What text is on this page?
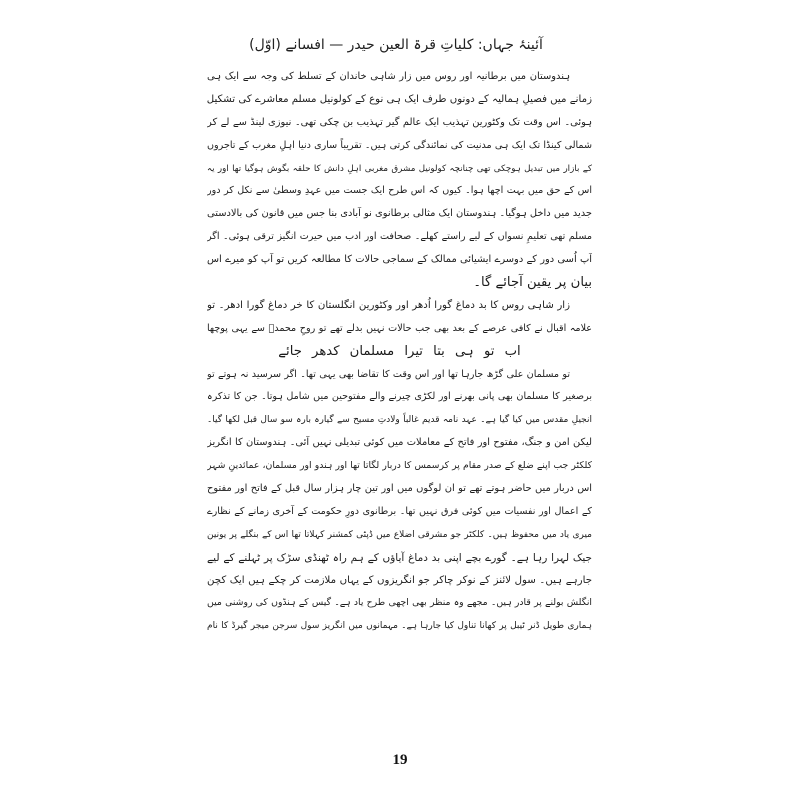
آئینۂ جہاں: کلیاتِ قرۃ العین حیدر — افسانے (اوّل)
ہندوستان میں برطانیہ اور روس میں زار شاہی خاندان کے تسلط کی وجہ سے ایک ہی
زمانے میں فصیلِ ہمالیہ کے دونوں طرف ایک ہی نوع کے کولونیل مسلم معاشرے کی تشکیل
ہوئی۔ اس وقت تک وکٹورین تہذیب ایک عالم گیر تہذیب بن چکی تھی۔ نیوزی لینڈ سے لے کر
شمالی کینڈا تک ایک ہی مدنیت کی نمائندگی کرتی ہیں۔ تقریباً ساری دنیا اہلِ مغرب کے تاجروں
کے بازار میں تبدیل ہوچکی تھی چنانچہ کولونیل مشرق مغربی اہلِ دانش کا حلقہ بگوش ہوگیا تھا اور یہ
اس کے حق میں بہت اچھا ہوا۔ کیوں کہ اس طرح ایک جست میں عہدِ وسطیٰ سے نکل کر دور
جدید میں داخل ہوگیا۔ ہندوستان ایک مثالی برطانوی نو آبادی بنا جس میں قانون کی بالادستی
مسلم تھی تعلیمِ نسواں کے لیے راستے کھلے۔ صحافت اور ادب میں حیرت انگیز ترقی ہوئی۔ اگر
آپ اُسی دور کے دوسرے ایشیائی ممالک کے سماجی حالات کا مطالعہ کریں تو آپ کو میرے اس
بیان پر یقین آجائے گا۔
زار شاہی روس کا بد دماغ گورا اُدھر اور وکٹورین انگلستان کا خر دماغ گورا ادھر۔ تو
علامہ اقبال نے کافی عرصے کے بعد بھی جب حالات نہیں بدلے تھے تو روحِ محمدؐ سے یہی پوچھا
اب تو ہی بتا تیرا مسلمان کدھر جائے
تو مسلمان علی گڑھ جارہا تھا اور اس وقت کا تقاضا بھی یہی تھا۔ اگر سرسید نہ ہوتے تو
برصغیر کا مسلمان بھی پانی بھرنے اور لکڑی چیرنے والے مفتوحین میں شامل ہوتا۔ جن کا تذکرہ
انجیلِ مقدس میں کیا گیا ہے۔ عہد نامہ قدیم غالباً ولادتِ مسیح سے گیارہ بارہ سو سال قبل لکھا گیا۔
لیکن امن و جنگ، مفتوح اور فاتح کے معاملات میں کوئی تبدیلی نہیں آئی۔ ہندوستان کا انگریز
کلکٹر جب اپنے ضلع کے صدر مقام پر کرسمس کا دربار لگاتا تھا اور ہندو اور مسلمان، عمائدینِ شہر
اس دربار میں حاضر ہوتے تھے تو ان لوگوں میں اور تین چار ہزار سال قبل کے فاتح اور مفتوح
کے اعمال اور نفسیات میں کوئی فرق نہیں تھا۔ برطانوی دورِ حکومت کے آخری زمانے کے نظارے
میری یاد میں محفوظ ہیں۔ کلکٹر جو مشرقی اضلاع میں ڈپٹی کمشنر کہلاتا تھا اس کے بنگلے پر یونین
جیک لہرا رہا ہے۔ گورے بچے اپنی بد دماغ آیاؤں کے ہم راہ ٹھنڈی سڑک پر ٹہلنے کے لیے
جارہے ہیں۔ سول لائنز کے نوکر چاکر جو انگریزوں کے یہاں ملازمت کر چکے ہیں ایک کچن
انگلش بولنے پر قادر ہیں۔ مجھے وہ منظر بھی اچھی طرح یاد ہے۔ گیس کے ہنڈوں کی روشنی میں
ہماری طویل ڈنر ٹیبل پر کھانا تناول کیا جارہا ہے۔ مہمانوں میں انگریز سول سرجن میجر گیرڈ کا نام
19
